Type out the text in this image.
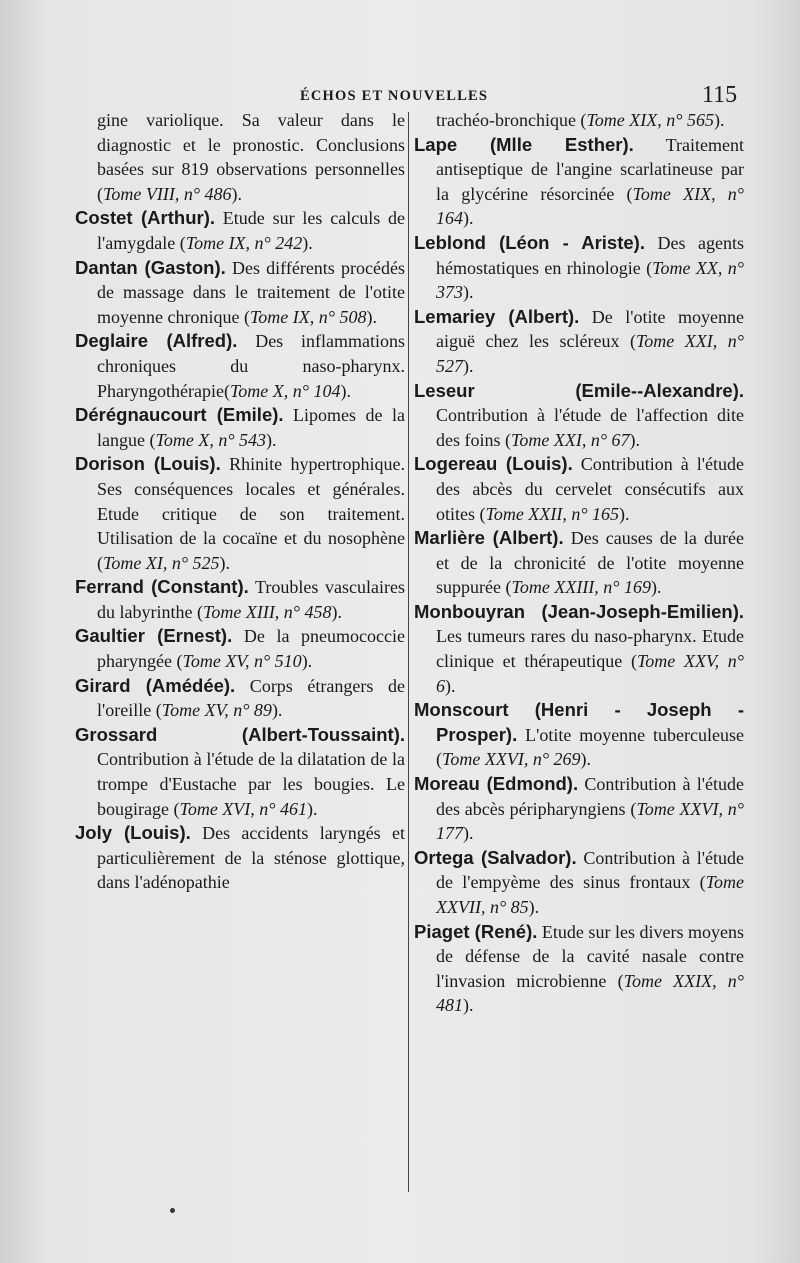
ÉCHOS ET NOUVELLES	115

gine variolique. Sa valeur dans le diagnostic et le pronostic. Conclusions basées sur 819 observations personnelles (Tome VIII, n° 486).

Costet (Arthur). Etude sur les calculs de l'amygdale (Tome IX, n° 242).

Dantan (Gaston). Des différents procédés de massage dans le traitement de l'otite moyenne chronique (Tome IX, n° 508).

Deglaire (Alfred). Des inflammations chroniques du naso-pharynx. Pharyngothérapie(Tome X, n° 104).

Dérégnaucourt (Emile). Lipomes de la langue (Tome X, n° 543).

Dorison (Louis). Rhinite hypertrophique. Ses conséquences locales et générales. Etude critique de son traitement. Utilisation de la cocaïne et du nosophène (Tome XI, n° 525).

Ferrand (Constant). Troubles vasculaires du labyrinthe (Tome XIII, n° 458).

Gaultier (Ernest). De la pneumococcie pharyngée (Tome XV, n° 510).

Girard (Amédée). Corps étrangers de l'oreille (Tome XV, n° 89).

Grossard (Albert-Toussaint). Contribution à l'étude de la dilatation de la trompe d'Eustache par les bougies. Le bougirage (Tome XVI, n° 461).

Joly (Louis). Des accidents laryngés et particulièrement de la sténose glottique, dans l'adénopathie

trachéo-bronchique (Tome XIX, n° 565).

Lape (Mlle Esther). Traitement antiseptique de l'angine scarlatineuse par la glycérine résorcinée (Tome XIX, n° 164).

Leblond (Léon - Ariste). Des agents hémostatiques en rhinologie (Tome XX, n° 373).

Lemariey (Albert). De l'otite moyenne aiguë chez les scléreux (Tome XXI, n° 527).

Leseur (Emile--Alexandre). Contribution à l'étude de l'affection dite des foins (Tome XXI, n° 67).

Logereau (Louis). Contribution à l'étude des abcès du cervelet consécutifs aux otites (Tome XXII, n° 165).

Marlière (Albert). Des causes de la durée et de la chronicité de l'otite moyenne suppurée (Tome XXIII, n° 169).

Monbouyran (Jean-Joseph-Emilien). Les tumeurs rares du naso-pharynx. Etude clinique et thérapeutique (Tome XXV, n° 6).

Monscourt (Henri - Joseph - Prosper). L'otite moyenne tuberculeuse (Tome XXVI, n° 269).

Moreau (Edmond). Contribution à l'étude des abcès péripharyngiens (Tome XXVI, n° 177).

Ortega (Salvador). Contribution à l'étude de l'empyème des sinus frontaux (Tome XXVII, n° 85).

Piaget (René). Etude sur les divers moyens de défense de la cavité nasale contre l'invasion microbienne (Tome XXIX, n° 481).
